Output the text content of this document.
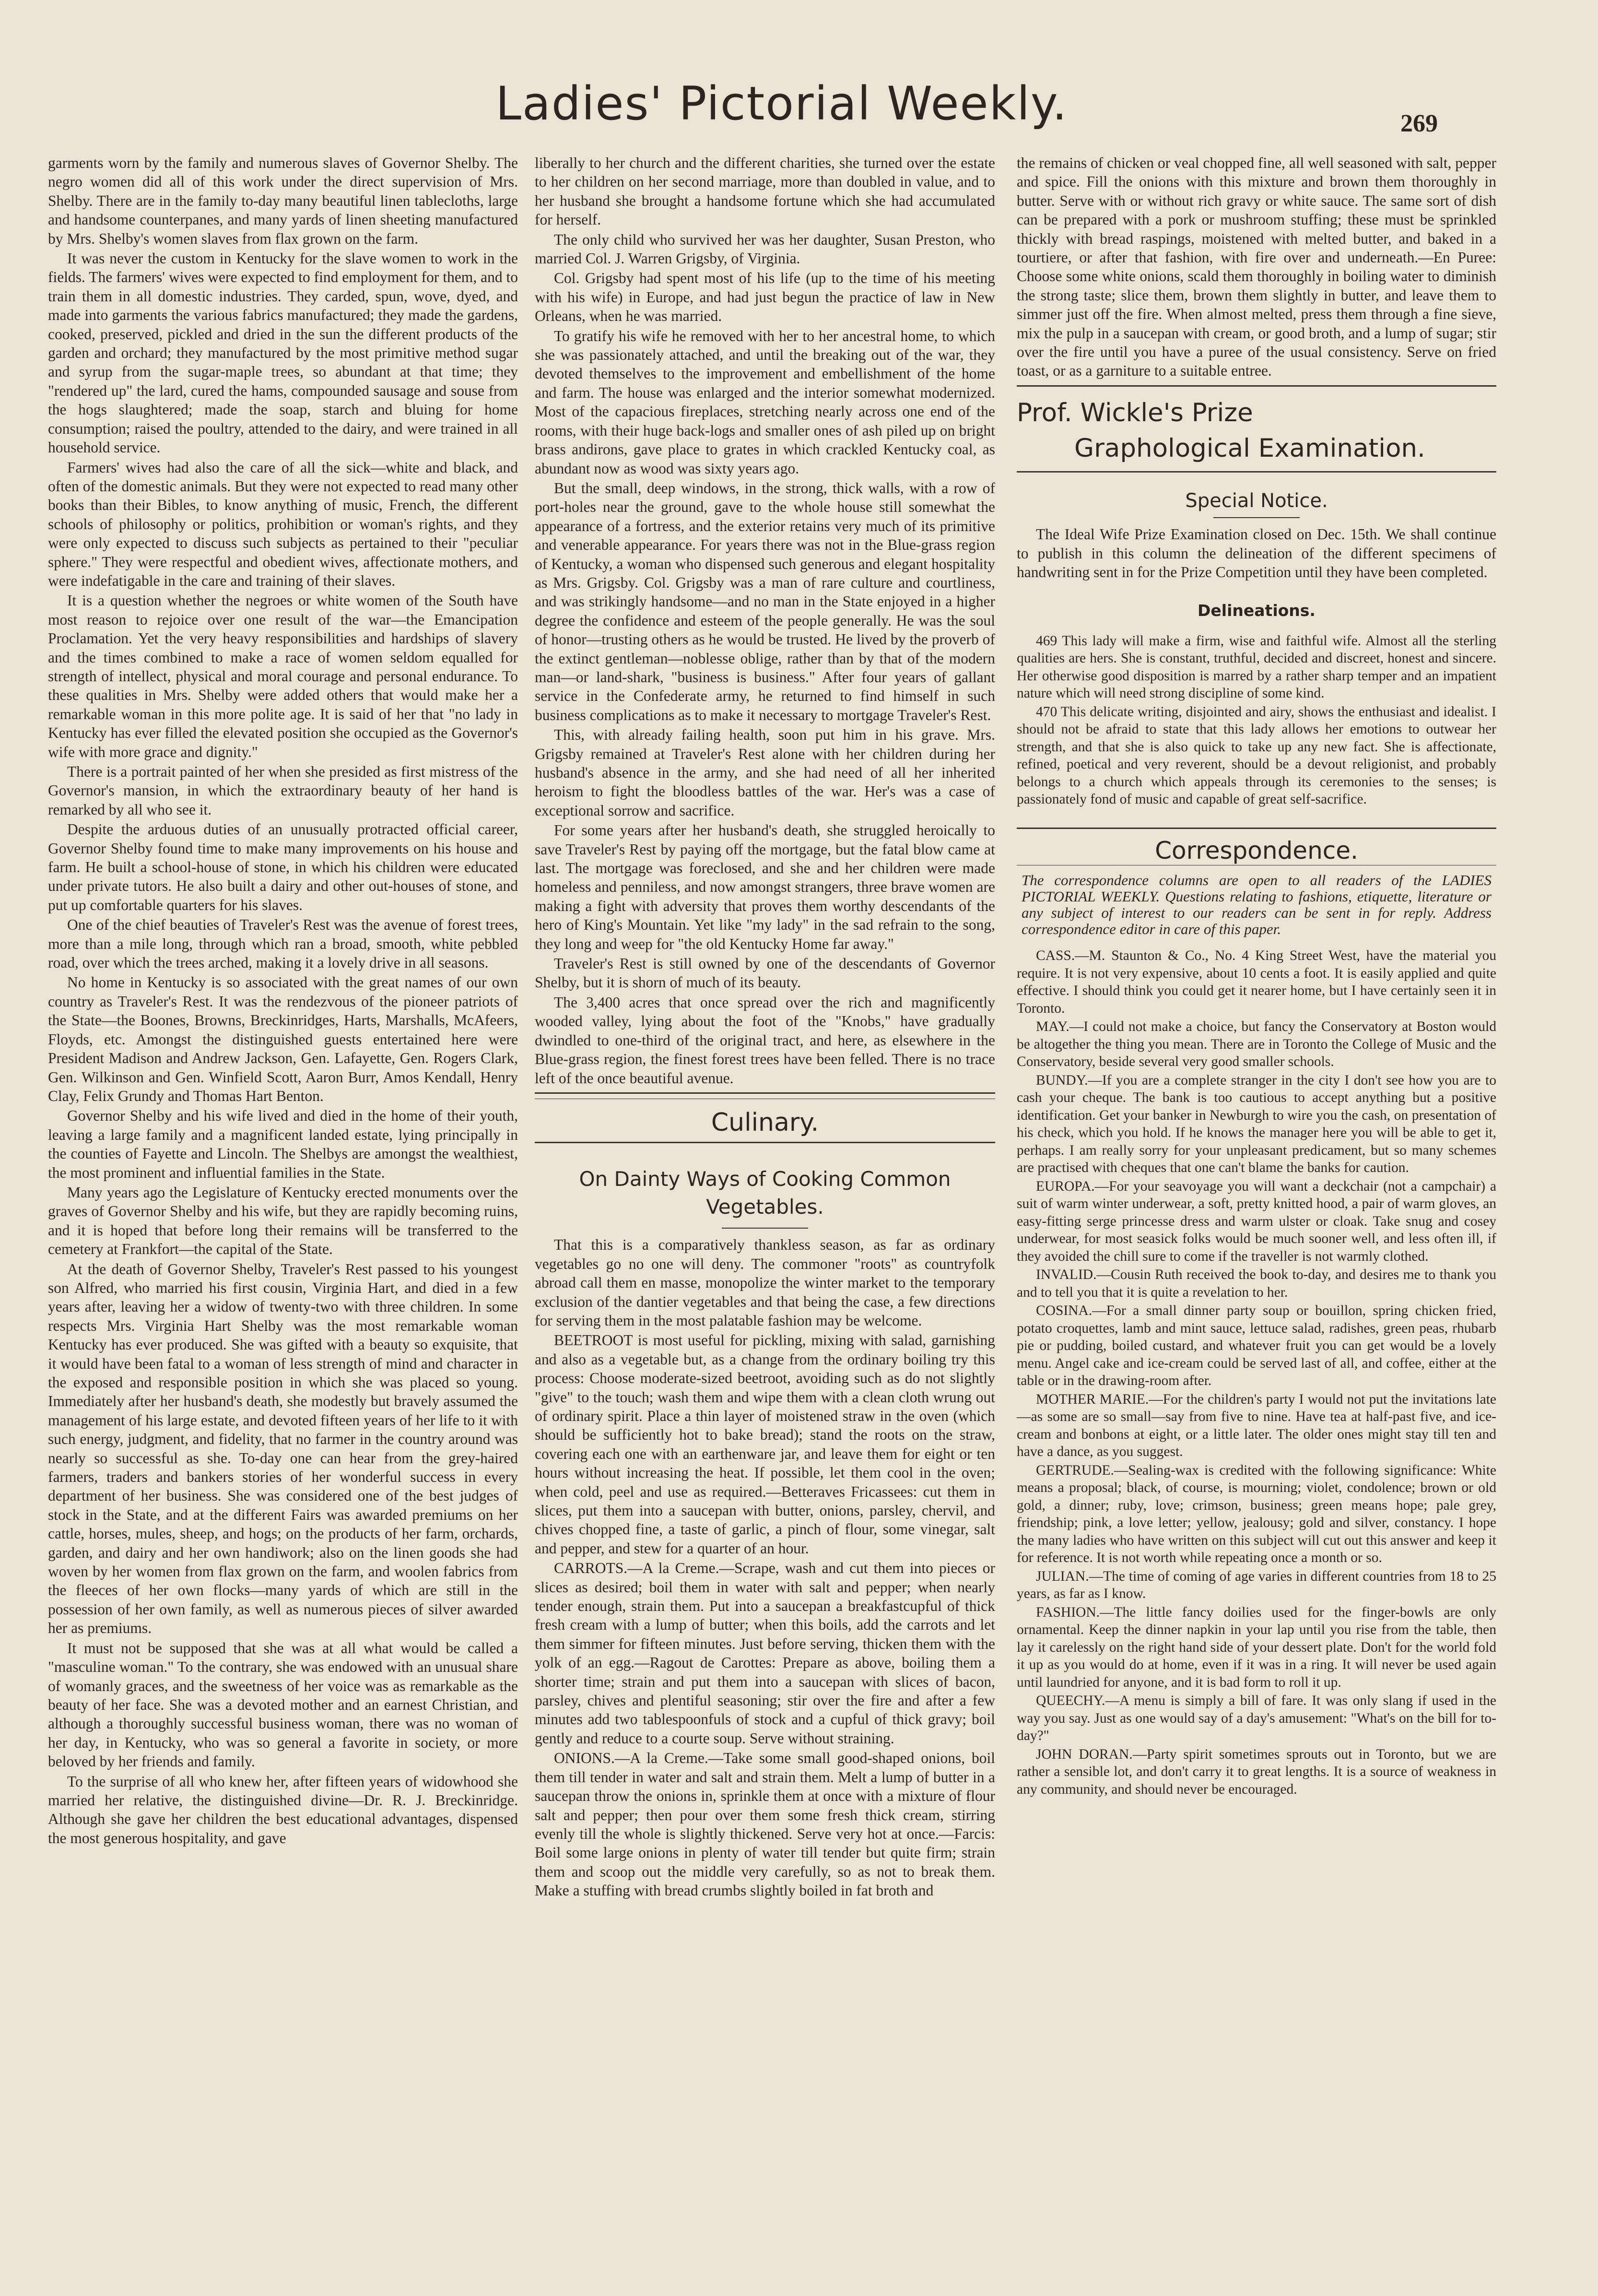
Ladies' Pictorial Weekly.	269

garments worn by the family and numerous slaves of Governor Shelby. The negro women did all of this work under the direct supervision of Mrs. Shelby. There are in the family to-day many beautiful linen tablecloths, large and handsome counterpanes, and many yards of linen sheeting manufactured by Mrs. Shelby's women slaves from flax grown on the farm.

It was never the custom in Kentucky for the slave women to work in the fields. The farmers' wives were expected to find employment for them, and to train them in all domestic industries. They carded, spun, wove, dyed, and made into garments the various fabrics manufactured; they made the gardens, cooked, preserved, pickled and dried in the sun the different products of the garden and orchard; they manufactured by the most primitive method sugar and syrup from the sugar-maple trees, so abundant at that time; they "rendered up" the lard, cured the hams, compounded sausage and souse from the hogs slaughtered; made the soap, starch and bluing for home consumption; raised the poultry, attended to the dairy, and were trained in all household service.

Farmers' wives had also the care of all the sick—white and black, and often of the domestic animals. But they were not expected to read many other books than their Bibles, to know anything of music, French, the different schools of philosophy or politics, prohibition or woman's rights, and they were only expected to discuss such subjects as pertained to their "peculiar sphere." They were respectful and obedient wives, affectionate mothers, and were indefatigable in the care and training of their slaves.

It is a question whether the negroes or white women of the South have most reason to rejoice over one result of the war—the Emancipation Proclamation. Yet the very heavy responsibilities and hardships of slavery and the times combined to make a race of women seldom equalled for strength of intellect, physical and moral courage and personal endurance. To these qualities in Mrs. Shelby were added others that would make her a remarkable woman in this more polite age. It is said of her that "no lady in Kentucky has ever filled the elevated position she occupied as the Governor's wife with more grace and dignity."

There is a portrait painted of her when she presided as first mistress of the Governor's mansion, in which the extraordinary beauty of her hand is remarked by all who see it.

Despite the arduous duties of an unusually protracted official career, Governor Shelby found time to make many improvements on his house and farm. He built a school-house of stone, in which his children were educated under private tutors. He also built a dairy and other out-houses of stone, and put up comfortable quarters for his slaves.

One of the chief beauties of Traveler's Rest was the avenue of forest trees, more than a mile long, through which ran a broad, smooth, white pebbled road, over which the trees arched, making it a lovely drive in all seasons.

No home in Kentucky is so associated with the great names of our own country as Traveler's Rest. It was the rendezvous of the pioneer patriots of the State—the Boones, Browns, Breckinridges, Harts, Marshalls, McAfeers, Floyds, etc. Amongst the distinguished guests entertained here were President Madison and Andrew Jackson, Gen. Lafayette, Gen. Rogers Clark, Gen. Wilkinson and Gen. Winfield Scott, Aaron Burr, Amos Kendall, Henry Clay, Felix Grundy and Thomas Hart Benton.

Governor Shelby and his wife lived and died in the home of their youth, leaving a large family and a magnificent landed estate, lying principally in the counties of Fayette and Lincoln. The Shelbys are amongst the wealthiest, the most prominent and influential families in the State.

Many years ago the Legislature of Kentucky erected monuments over the graves of Governor Shelby and his wife, but they are rapidly becoming ruins, and it is hoped that before long their remains will be transferred to the cemetery at Frankfort—the capital of the State.

At the death of Governor Shelby, Traveler's Rest passed to his youngest son Alfred, who married his first cousin, Virginia Hart, and died in a few years after, leaving her a widow of twenty-two with three children. In some respects Mrs. Virginia Hart Shelby was the most remarkable woman Kentucky has ever produced. She was gifted with a beauty so exquisite, that it would have been fatal to a woman of less strength of mind and character in the exposed and responsible position in which she was placed so young. Immediately after her husband's death, she modestly but bravely assumed the management of his large estate, and devoted fifteen years of her life to it with such energy, judgment, and fidelity, that no farmer in the country around was nearly so successful as she. To-day one can hear from the grey-haired farmers, traders and bankers stories of her wonderful success in every department of her business. She was considered one of the best judges of stock in the State, and at the different Fairs was awarded premiums on her cattle, horses, mules, sheep, and hogs; on the products of her farm, orchards, garden, and dairy and her own handiwork; also on the linen goods she had woven by her women from flax grown on the farm, and woolen fabrics from the fleeces of her own flocks—many yards of which are still in the possession of her own family, as well as numerous pieces of silver awarded her as premiums.

It must not be supposed that she was at all what would be called a "masculine woman." To the contrary, she was endowed with an unusual share of womanly graces, and the sweetness of her voice was as remarkable as the beauty of her face. She was a devoted mother and an earnest Christian, and although a thoroughly successful business woman, there was no woman of her day, in Kentucky, who was so general a favorite in society, or more beloved by her friends and family.

To the surprise of all who knew her, after fifteen years of widowhood she married her relative, the distinguished divine—Dr. R. J. Breckinridge. Although she gave her children the best educational advantages, dispensed the most generous hospitality, and gave

liberally to her church and the different charities, she turned over the estate to her children on her second marriage, more than doubled in value, and to her husband she brought a handsome fortune which she had accumulated for herself.

The only child who survived her was her daughter, Susan Preston, who married Col. J. Warren Grigsby, of Virginia.

Col. Grigsby had spent most of his life (up to the time of his meeting with his wife) in Europe, and had just begun the practice of law in New Orleans, when he was married.

To gratify his wife he removed with her to her ancestral home, to which she was passionately attached, and until the breaking out of the war, they devoted themselves to the improvement and embellishment of the home and farm. The house was enlarged and the interior somewhat modernized. Most of the capacious fireplaces, stretching nearly across one end of the rooms, with their huge back-logs and smaller ones of ash piled up on bright brass andirons, gave place to grates in which crackled Kentucky coal, as abundant now as wood was sixty years ago.

But the small, deep windows, in the strong, thick walls, with a row of port-holes near the ground, gave to the whole house still somewhat the appearance of a fortress, and the exterior retains very much of its primitive and venerable appearance. For years there was not in the Blue-grass region of Kentucky, a woman who dispensed such generous and elegant hospitality as Mrs. Grigsby. Col. Grigsby was a man of rare culture and courtliness, and was strikingly handsome—and no man in the State enjoyed in a higher degree the confidence and esteem of the people generally. He was the soul of honor—trusting others as he would be trusted. He lived by the proverb of the extinct gentleman—noblesse oblige, rather than by that of the modern man—or land-shark, "business is business." After four years of gallant service in the Confederate army, he returned to find himself in such business complications as to make it necessary to mortgage Traveler's Rest.

This, with already failing health, soon put him in his grave. Mrs. Grigsby remained at Traveler's Rest alone with her children during her husband's absence in the army, and she had need of all her inherited heroism to fight the bloodless battles of the war. Her's was a case of exceptional sorrow and sacrifice.

For some years after her husband's death, she struggled heroically to save Traveler's Rest by paying off the mortgage, but the fatal blow came at last. The mortgage was foreclosed, and she and her children were made homeless and penniless, and now amongst strangers, three brave women are making a fight with adversity that proves them worthy descendants of the hero of King's Mountain. Yet like "my lady" in the sad refrain to the song, they long and weep for "the old Kentucky Home far away."

Traveler's Rest is still owned by one of the descendants of Governor Shelby, but it is shorn of much of its beauty.

The 3,400 acres that once spread over the rich and magnificently wooded valley, lying about the foot of the "Knobs," have gradually dwindled to one-third of the original tract, and here, as elsewhere in the Blue-grass region, the finest forest trees have been felled. There is no trace left of the once beautiful avenue.

Culinary.
On Dainty Ways of Cooking Common
Vegetables.

That this is a comparatively thankless season, as far as ordinary vegetables go no one will deny. The commoner "roots" as countryfolk abroad call them en masse, monopolize the winter market to the temporary exclusion of the dantier vegetables and that being the case, a few directions for serving them in the most palatable fashion may be welcome.

BEETROOT is most useful for pickling, mixing with salad, garnishing and also as a vegetable but, as a change from the ordinary boiling try this process: Choose moderate-sized beetroot, avoiding such as do not slightly "give" to the touch; wash them and wipe them with a clean cloth wrung out of ordinary spirit. Place a thin layer of moistened straw in the oven (which should be sufficiently hot to bake bread); stand the roots on the straw, covering each one with an earthenware jar, and leave them for eight or ten hours without increasing the heat. If possible, let them cool in the oven; when cold, peel and use as required.—Betteraves Fricassees: cut them in slices, put them into a saucepan with butter, onions, parsley, chervil, and chives chopped fine, a taste of garlic, a pinch of flour, some vinegar, salt and pepper, and stew for a quarter of an hour.

CARROTS.—A la Creme.—Scrape, wash and cut them into pieces or slices as desired; boil them in water with salt and pepper; when nearly tender enough, strain them. Put into a saucepan a breakfastcupful of thick fresh cream with a lump of butter; when this boils, add the carrots and let them simmer for fifteen minutes. Just before serving, thicken them with the yolk of an egg.—Ragout de Carottes: Prepare as above, boiling them a shorter time; strain and put them into a saucepan with slices of bacon, parsley, chives and plentiful seasoning; stir over the fire and after a few minutes add two tablespoonfuls of stock and a cupful of thick gravy; boil gently and reduce to a courte soup. Serve without straining.

ONIONS.—A la Creme.—Take some small good-shaped onions, boil them till tender in water and salt and strain them. Melt a lump of butter in a saucepan throw the onions in, sprinkle them at once with a mixture of flour salt and pepper; then pour over them some fresh thick cream, stirring evenly till the whole is slightly thickened. Serve very hot at once.—Farcis: Boil some large onions in plenty of water till tender but quite firm; strain them and scoop out the middle very carefully, so as not to break them. Make a stuffing with bread crumbs slightly boiled in fat broth and

the remains of chicken or veal chopped fine, all well seasoned with salt, pepper and spice. Fill the onions with this mixture and brown them thoroughly in butter. Serve with or without rich gravy or white sauce. The same sort of dish can be prepared with a pork or mushroom stuffing; these must be sprinkled thickly with bread raspings, moistened with melted butter, and baked in a tourtiere, or after that fashion, with fire over and underneath.—En Puree: Choose some white onions, scald them thoroughly in boiling water to diminish the strong taste; slice them, brown them slightly in butter, and leave them to simmer just off the fire. When almost melted, press them through a fine sieve, mix the pulp in a saucepan with cream, or good broth, and a lump of sugar; stir over the fire until you have a puree of the usual consistency. Serve on fried toast, or as a garniture to a suitable entree.

Prof. Wickle's Prize
Graphological Examination.
Special Notice.

The Ideal Wife Prize Examination closed on Dec. 15th. We shall continue to publish in this column the delineation of the different specimens of handwriting sent in for the Prize Competition until they have been completed.

Delineations.

469 This lady will make a firm, wise and faithful wife. Almost all the sterling qualities are hers. She is constant, truthful, decided and discreet, honest and sincere. Her otherwise good disposition is marred by a rather sharp temper and an impatient nature which will need strong discipline of some kind.

470 This delicate writing, disjointed and airy, shows the enthusiast and idealist. I should not be afraid to state that this lady allows her emotions to outwear her strength, and that she is also quick to take up any new fact. She is affectionate, refined, poetical and very reverent, should be a devout religionist, and probably belongs to a church which appeals through its ceremonies to the senses; is passionately fond of music and capable of great self-sacrifice.

Correspondence.
The correspondence columns are open to all readers of the LADIES PICTORIAL WEEKLY. Questions relating to fashions, etiquette, literature or any subject of interest to our readers can be sent in for reply. Address correspondence editor in care of this paper.

CASS.—M. Staunton & Co., No. 4 King Street West, have the material you require. It is not very expensive, about 10 cents a foot. It is easily applied and quite effective. I should think you could get it nearer home, but I have certainly seen it in Toronto.

MAY.—I could not make a choice, but fancy the Conservatory at Boston would be altogether the thing you mean. There are in Toronto the College of Music and the Conservatory, beside several very good smaller schools.

BUNDY.—If you are a complete stranger in the city I don't see how you are to cash your cheque. The bank is too cautious to accept anything but a positive identification. Get your banker in Newburgh to wire you the cash, on presentation of his check, which you hold. If he knows the manager here you will be able to get it, perhaps. I am really sorry for your unpleasant predicament, but so many schemes are practised with cheques that one can't blame the banks for caution.

EUROPA.—For your seavoyage you will want a deckchair (not a campchair) a suit of warm winter underwear, a soft, pretty knitted hood, a pair of warm gloves, an easy-fitting serge princesse dress and warm ulster or cloak. Take snug and cosey underwear, for most seasick folks would be much sooner well, and less often ill, if they avoided the chill sure to come if the traveller is not warmly clothed.

INVALID.—Cousin Ruth received the book to-day, and desires me to thank you and to tell you that it is quite a revelation to her.

COSINA.—For a small dinner party soup or bouillon, spring chicken fried, potato croquettes, lamb and mint sauce, lettuce salad, radishes, green peas, rhubarb pie or pudding, boiled custard, and whatever fruit you can get would be a lovely menu. Angel cake and ice-cream could be served last of all, and coffee, either at the table or in the drawing-room after.

MOTHER MARIE.—For the children's party I would not put the invitations late—as some are so small—say from five to nine. Have tea at half-past five, and ice-cream and bonbons at eight, or a little later. The older ones might stay till ten and have a dance, as you suggest.

GERTRUDE.—Sealing-wax is credited with the following significance: White means a proposal; black, of course, is mourning; violet, condolence; brown or old gold, a dinner; ruby, love; crimson, business; green means hope; pale grey, friendship; pink, a love letter; yellow, jealousy; gold and silver, constancy. I hope the many ladies who have written on this subject will cut out this answer and keep it for reference. It is not worth while repeating once a month or so.

JULIAN.—The time of coming of age varies in different countries from 18 to 25 years, as far as I know.

FASHION.—The little fancy doilies used for the finger-bowls are only ornamental. Keep the dinner napkin in your lap until you rise from the table, then lay it carelessly on the right hand side of your dessert plate. Don't for the world fold it up as you would do at home, even if it was in a ring. It will never be used again until laundried for anyone, and it is bad form to roll it up.

QUEECHY.—A menu is simply a bill of fare. It was only slang if used in the way you say. Just as one would say of a day's amusement: "What's on the bill for to-day?"

JOHN DORAN.—Party spirit sometimes sprouts out in Toronto, but we are rather a sensible lot, and don't carry it to great lengths. It is a source of weakness in any community, and should never be encouraged.
